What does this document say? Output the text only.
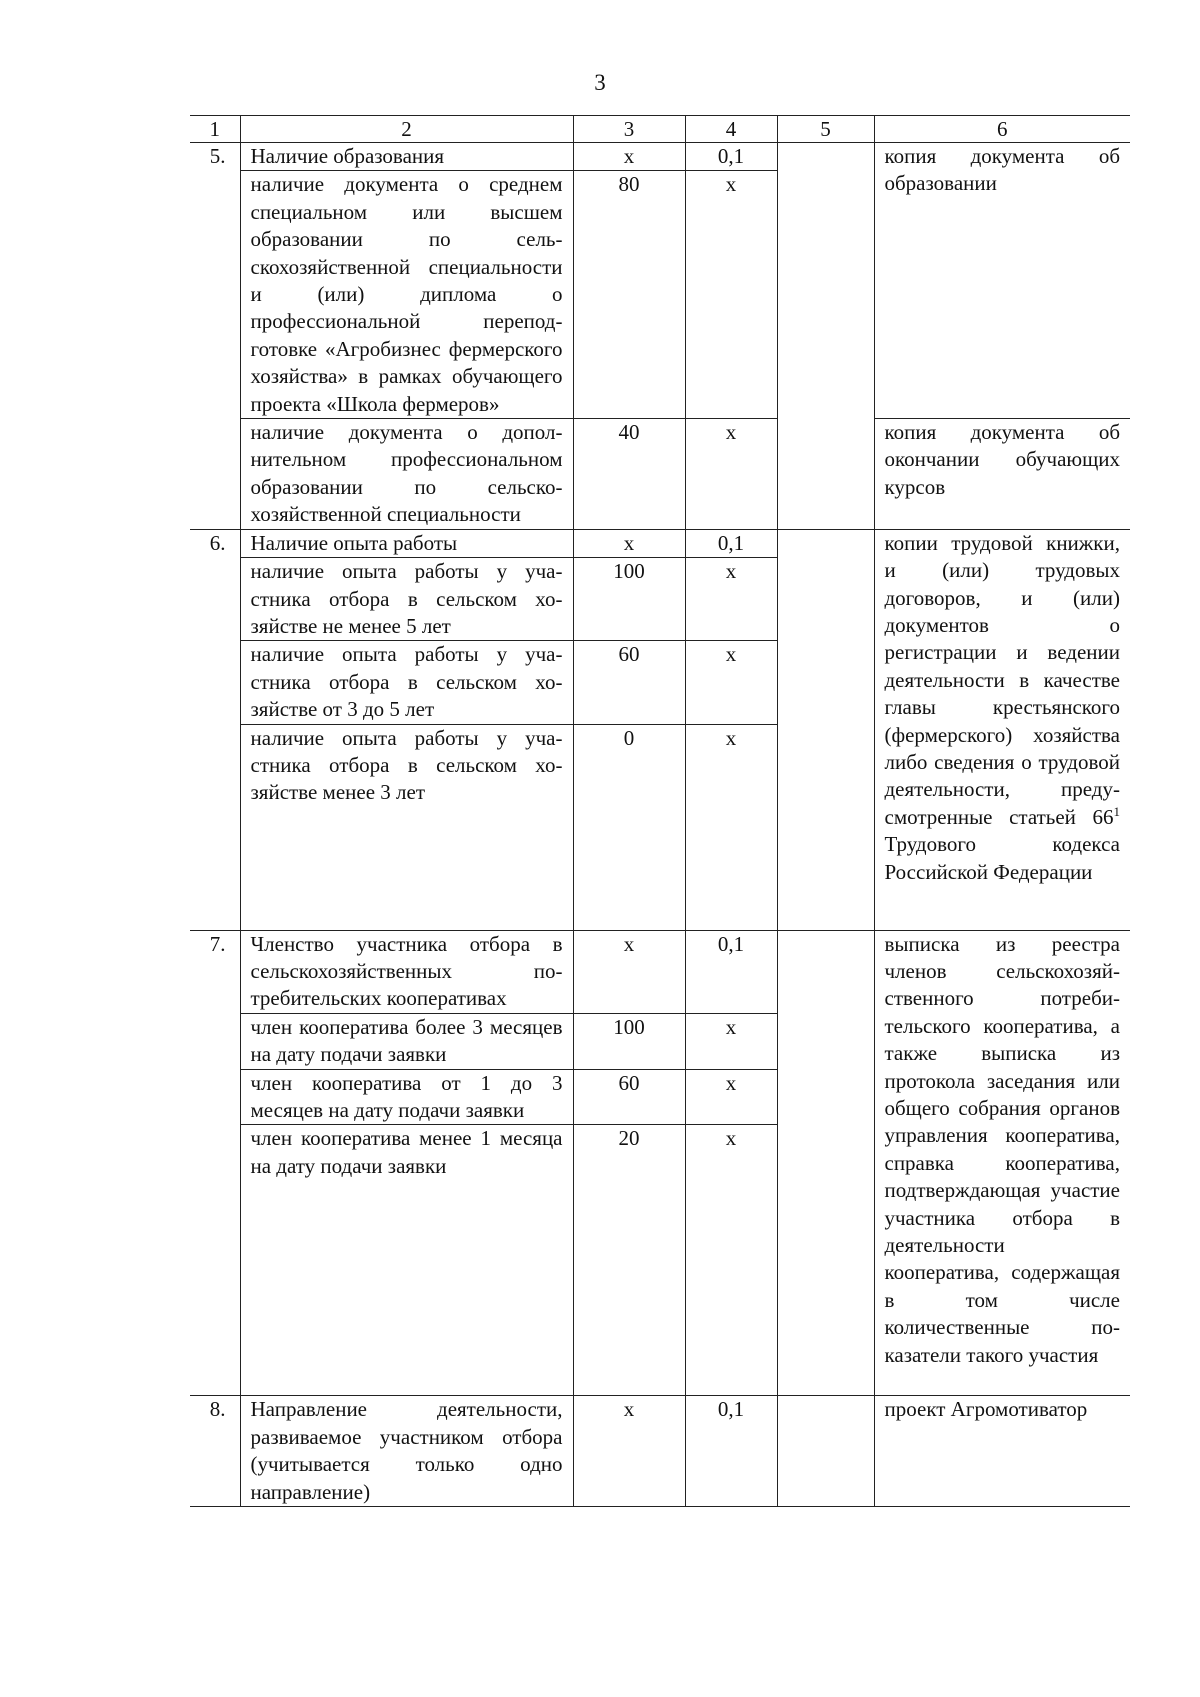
3
1	2	3	4	5	6
5.	Наличие образования	х	0,1		копия документа об образовании
	наличие документа о среднем специальном или высшем образовании по сельскохозяйственной специальности и (или) диплома о профессиональной переподготовке «Агробизнес фермерского хозяйства» в рамках обучающего проекта «Школа фермеров»	80	х		
	наличие документа о дополнительном профессиональном образовании по сельскохозяйственной специальности	40	х		копия документа об окончании обучающих курсов
6.	Наличие опыта работы	х	0,1		копии трудовой книжки, и (или) трудовых договоров, и (или) документов о регистрации и ведении деятельности в качестве главы крестьянского (фермерского) хозяйства либо сведения о трудовой деятельности, предусмотренные статьей $66^1$ Трудового кодекса Российской Федерации
	наличие опыта работы у участника отбора в сельском хозяйстве не менее 5 лет	100	х		
	наличие опыта работы у участника отбора в сельском хозяйстве от 3 до 5 лет	60	х		
	наличие опыта работы у участника отбора в сельском хозяйстве менее 3 лет	0	х		
7.	Членство участника отбора в сельскохозяйственных потребительских кооперативах	х	0,1		выписка из реестра членов сельскохозяйственного потребительского кооператива, а также выписка из протокола заседания или общего собрания органов управления кооператива, справка кооператива, подтверждающая участие участника отбора в деятельности кооператива, содержащая в том числе количественные показатели такого участия
	член кооператива более 3 месяцев на дату подачи заявки	100	х		
	член кооператива от 1 до 3 месяцев на дату подачи заявки	60	х		
	член кооператива менее 1 месяца на дату подачи заявки	20	х		
8.	Направление деятельности, развиваемое участником отбора (учитывается только одно направление)	х	0,1		проект Агромотиватор
